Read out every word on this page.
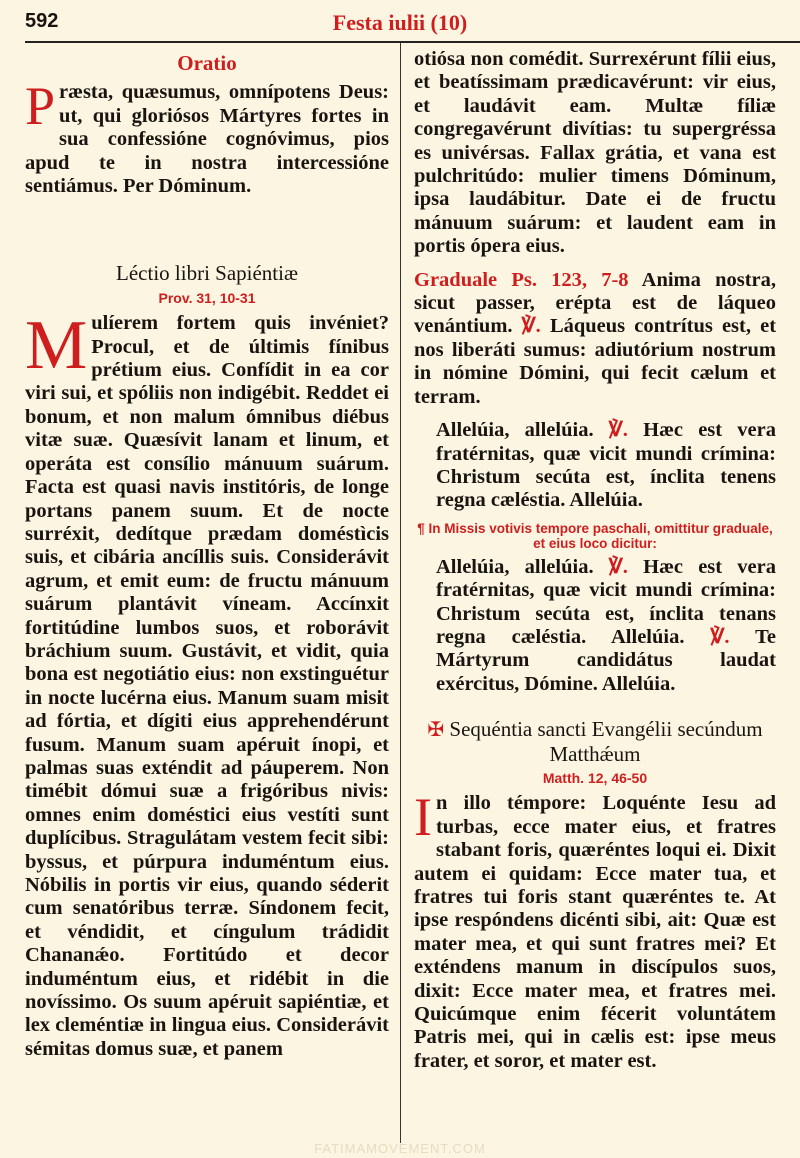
592	Festa iulii (10)
Oratio

Præsta, quæsumus, omnípotens Deus: ut, qui gloriósos Mártyres fortes in sua confessióne cognóvimus, pios apud te in nostra intercessióne sentiámus. Per Dóminum.

Léctio libri Sapiéntiæ
Prov. 31, 10-31

Mulíerem fortem quis invéniet? Procul, et de últimis fínibus prétium eius. Confídit in ea cor viri sui, et spóliis non indigébit. Reddet ei bonum, et non malum ómnibus diébus vitæ suæ. Quæsívit lanam et linum, et operáta est consílio mánuum suárum. Facta est quasi navis institóris, de longe portans panem suum. Et de nocte surréxit, dedítque prædam doméstìcis suis, et cibária ancíllis suis. Considerávit agrum, et emit eum: de fructu mánuum suárum plantávit víneam. Accínxit fortitúdine lumbos suos, et roborávit bráchium suum. Gustávit, et vidit, quia bona est negotiátio eius: non exstinguétur in nocte lucérna eius. Manum suam misit ad fórtia, et dígiti eius apprehendérunt fusum. Manum suam apéruit ínopi, et palmas suas exténdit ad páuperem. Non timébit dómui suæ a frigóribus nivis: omnes enim doméstici eius vestíti sunt duplícibus. Stragulátam vestem fecit sibi: byssus, et púrpura induméntum eius. Nóbilis in portis vir eius, quando séderit cum senatóribus terræ. Síndonem fecit, et véndidit, et cíngulum trádidit Chananǽo. Fortitúdo et decor induméntum eius, et ridébit in die novíssimo. Os suum apéruit sapiéntiæ, et lex cleméntiæ in lingua eius. Considerávit sémitas domus suæ, et panem

otiósa non comédit. Surrexérunt fílii eius, et beatíssimam prædicavérunt: vir eius, et laudávit eam. Multæ fíliæ congregavérunt divítias: tu supergréssa es univérsas. Fallax grátia, et vana est pulchritúdo: mulier timens Dóminum, ipsa laudábitur. Date ei de fructu mánuum suárum: et laudent eam in portis ópera eius.

Graduale Ps. 123, 7-8 Anima nostra, sicut passer, erépta est de láqueo venántium. ℣. Láqueus contrítus est, et nos liberáti sumus: adiutórium nostrum in nómine Dómini, qui fecit cælum et terram.

Allelúia, allelúia. ℣. Hæc est vera fratérnitas, quæ vicit mundi crímina: Christum secúta est, ínclita tenens regna cæléstia. Allelúia.

¶ In Missis votivis tempore paschali, omittitur graduale, et eius loco dicitur:

Allelúia, allelúia. ℣. Hæc est vera fratérnitas, quæ vicit mundi crímina: Christum secúta est, ínclita tenans regna cæléstia. Allelúia. ℣. Te Mártyrum candidátus laudat exércitus, Dómine. Allelúia.

✠ Sequéntia sancti Evangélii secúndum Matthǽum
Matth. 12, 46-50

In illo témpore: Loquénte Iesu ad turbas, ecce mater eius, et fratres stabant foris, quæréntes loqui ei. Dixit autem ei quidam: Ecce mater tua, et fratres tui foris stant quæréntes te. At ipse respóndens dicénti sibi, ait: Quæ est mater mea, et qui sunt fratres mei? Et exténdens manum in discípulos suos, dixit: Ecce mater mea, et fratres mei. Quicúmque enim fécerit voluntátem Patris mei, qui in cælis est: ipse meus frater, et soror, et mater est.

FATIMAMOVEMENT.COM
